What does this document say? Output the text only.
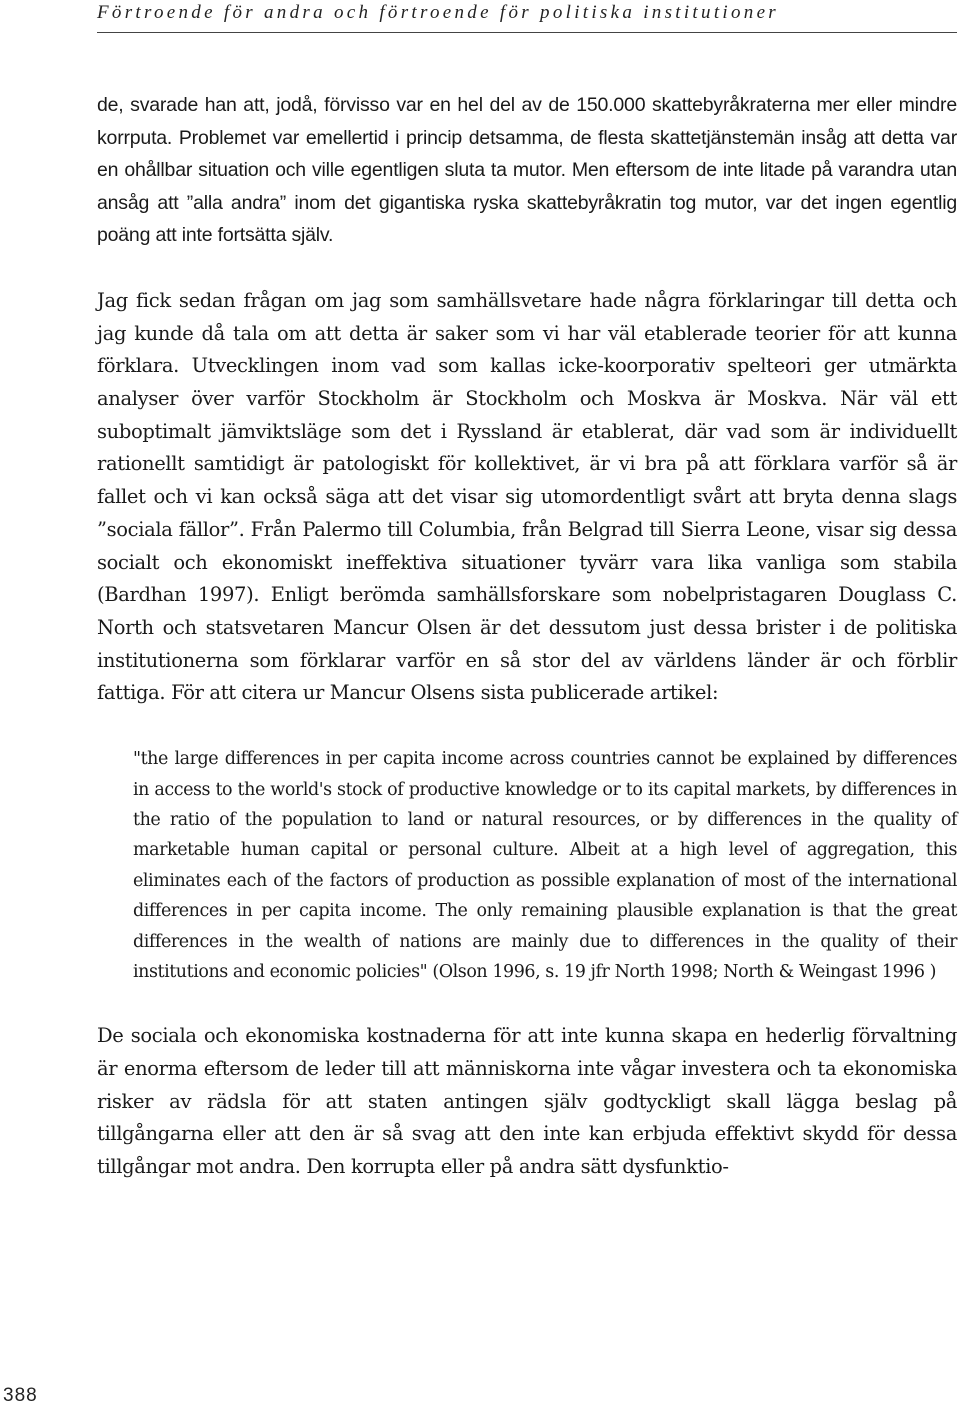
Förtroende för andra och förtroende för politiska institutioner

de, svarade han att, jodå, förvisso var en hel del av de 150.000 skattebyråkraterna mer eller mindre korrputa. Problemet var emellertid i princip detsamma, de flesta skattetjänstemän insåg att detta var en ohållbar situation och ville egentligen sluta ta mutor. Men eftersom de inte litade på varandra utan ansåg att ”alla andra” inom det gigantiska ryska skattebyråkratin tog mutor, var det ingen egentlig poäng att inte fortsätta själv.

Jag fick sedan frågan om jag som samhällsvetare hade några förklaringar till detta och jag kunde då tala om att detta är saker som vi har väl etablerade teorier för att kunna förklara. Utvecklingen inom vad som kallas icke-koorporativ spelteori ger utmärkta analyser över varför Stockholm är Stockholm och Moskva är Moskva. När väl ett suboptimalt jämviktsläge som det i Ryssland är etablerat, där vad som är individuellt rationellt samtidigt är patologiskt för kollektivet, är vi bra på att förklara varför så är fallet och vi kan också säga att det visar sig utomordentligt svårt att bryta denna slags ”sociala fällor”. Från Palermo till Columbia, från Belgrad till Sierra Leone, visar sig dessa socialt och ekonomiskt ineffektiva situationer tyvärr vara lika vanliga som stabila (Bardhan 1997). Enligt berömda samhällsforskare som nobelpristagaren Douglass C. North och statsvetaren Mancur Olsen är det dessutom just dessa brister i de politiska institutionerna som förklarar varför en så stor del av världens länder är och förblir fattiga. För att citera ur Mancur Olsens sista publicerade artikel:

"the large differences in per capita income across countries cannot be explained by differences in access to the world's stock of productive knowledge or to its capital markets, by differences in the ratio of the population to land or natural resources, or by differences in the quality of marketable human capital or personal culture. Albeit at a high level of aggregation, this eliminates each of the factors of production as possible explanation of most of the international differences in per capita income. The only remaining plausible explanation is that the great differences in the wealth of nations are mainly due to differences in the quality of their institutions and economic policies" (Olson 1996, s. 19 jfr North 1998; North & Weingast 1996 )

De sociala och ekonomiska kostnaderna för att inte kunna skapa en hederlig förvaltning är enorma eftersom de leder till att människorna inte vågar investera och ta ekonomiska risker av rädsla för att staten antingen själv godtyckligt skall lägga beslag på tillgångarna eller att den är så svag att den inte kan erbjuda effektivt skydd för dessa tillgångar mot andra. Den korrupta eller på andra sätt dysfunktio-

388
